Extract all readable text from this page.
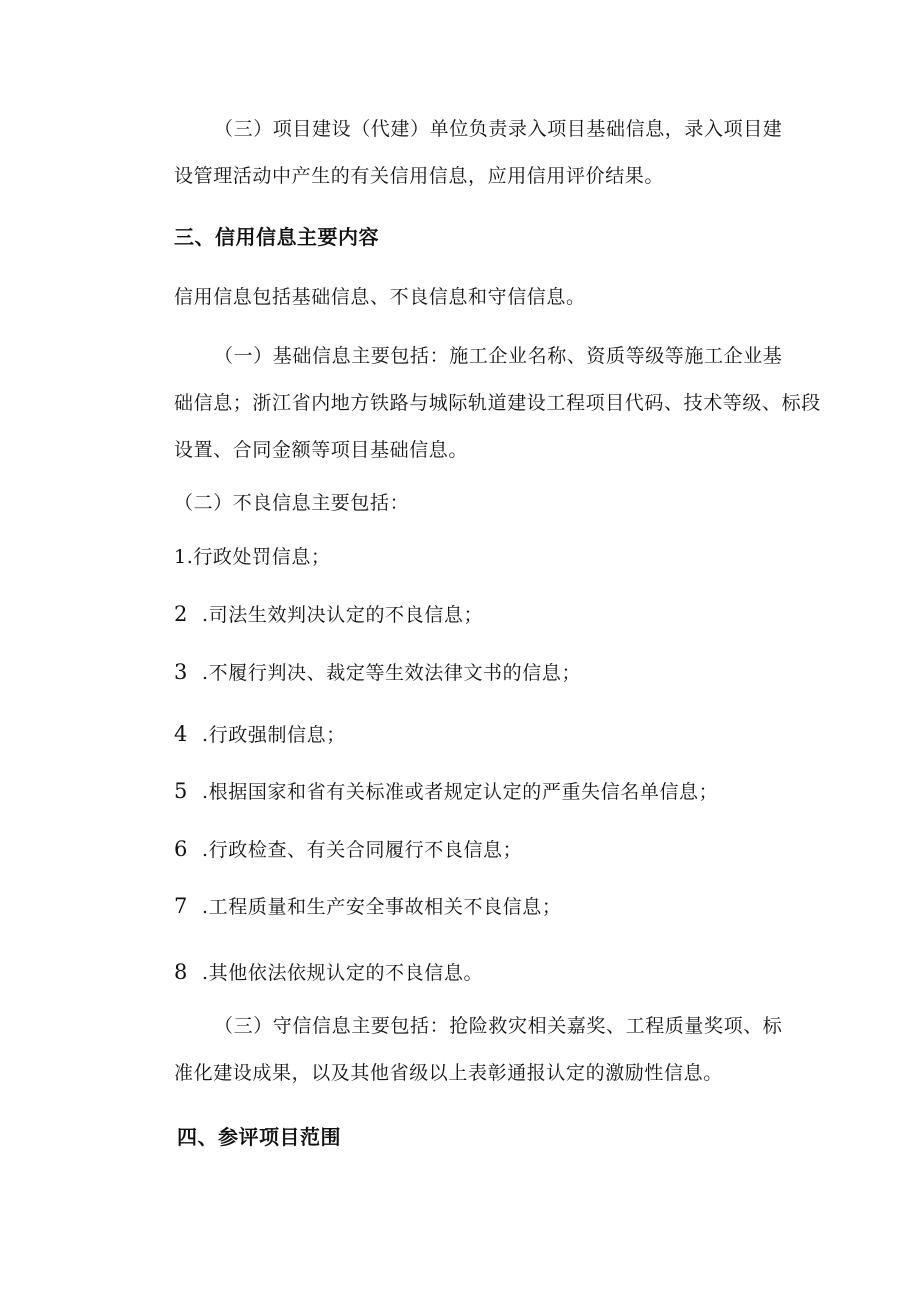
（三）项目建设（代建）单位负责录入项目基础信息，录入项目建
设管理活动中产生的有关信用信息，应用信用评价结果。
三、信用信息主要内容
信用信息包括基础信息、不良信息和守信信息。
（一）基础信息主要包括：施工企业名称、资质等级等施工企业基
础信息；浙江省内地方铁路与城际轨道建设工程项目代码、技术等级、标段
设置、合同金额等项目基础信息。
（二）不良信息主要包括：
1.行政处罚信息；
2 .司法生效判决认定的不良信息；
3 .不履行判决、裁定等生效法律文书的信息；
4 .行政强制信息；
5 .根据国家和省有关标准或者规定认定的严重失信名单信息；
6 .行政检查、有关合同履行不良信息；
7 .工程质量和生产安全事故相关不良信息；
8 .其他依法依规认定的不良信息。
（三）守信信息主要包括：抢险救灾相关嘉奖、工程质量奖项、标
准化建设成果，以及其他省级以上表彰通报认定的激励性信息。
四、参评项目范围
